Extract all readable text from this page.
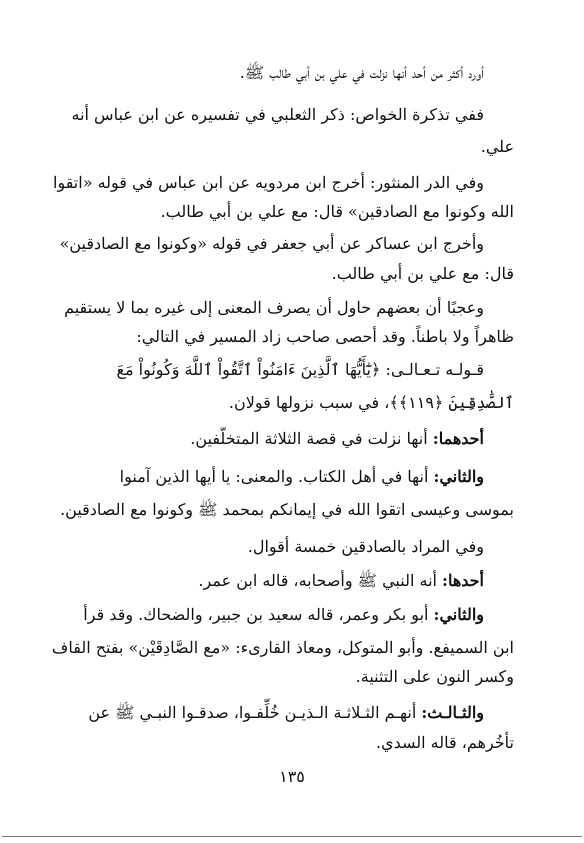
أورد أكثر من أحد أنها نزلت في علي بن أبي طالب ﷺ.
ففي تذكرة الخواص: ذكر الثعلبي في تفسيره عن ابن عباس أنه
علي.
وفي الدر المنثور: أخرج ابن مردويه عن ابن عباس في قوله «اتقوا
الله وكونوا مع الصادقين» قال: مع علي بن أبي طالب.
وأخرج ابن عساكر عن أبي جعفر في قوله «وكونوا مع الصادقين»
قال: مع علي بن أبي طالب.
وعجبًا أن بعضهم حاول أن يصرف المعنى إلى غيره بما لا يستقيم
ظاهراً ولا باطناً. وقد أحصى صاحب زاد المسير في التالي:
قـولـه تـعـالـى: ﴿يَٰٓأَيُّهَا ٱلَّذِينَ ءَامَنُواْ ٱتَّقُواْ ٱللَّهَ وَكُونُواْ مَعَ
ٱلصَّٰدِقِينَ ﴿١١٩﴾﴾، في سبب نزولها قولان.
أحدهما: أنها نزلت في قصة الثلاثة المتخلّفين.
والثاني: أنها في أهل الكتاب. والمعنى: يا أيها الذين آمنوا
بموسى وعيسى اتقوا الله في إيمانكم بمحمد ﷺ وكونوا مع الصادقين.
وفي المراد بالصادقين خمسة أقوال.
أحدها: أنه النبي ﷺ وأصحابه، قاله ابن عمر.
والثاني: أبو بكر وعمر، قاله سعيد بن جبير، والضحاك. وقد قرأ
ابن السميفع. وأبو المتوكل، ومعاذ القارىء: «مع الصَّادِقَيْن» بفتح القاف
وكسر النون على التثنية.
والثـالـث: أنهـم الثـلاثـة الـذيـن خُلِّفـوا، صدقـوا النبـي ﷺ عن
تأخُرهم، قاله السدي.
١٣٥
